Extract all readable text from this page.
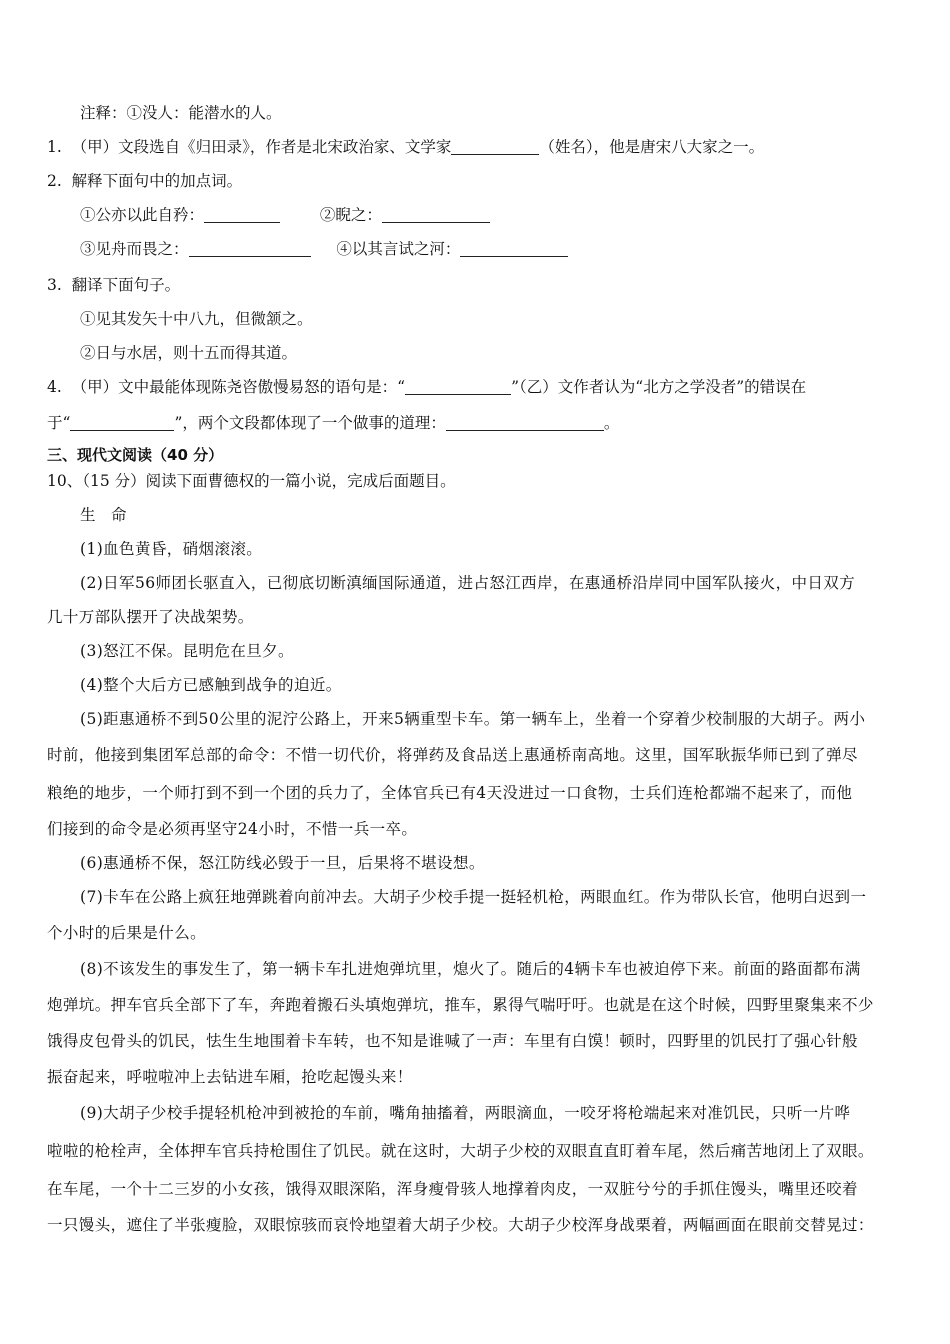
注释：①没人：能潜水的人。
1. （甲）文段选自《归田录》，作者是北宋政治家、文学家	（姓名），他是唐宋八大家之一。
2. 解释下面句中的加点词。
①公亦以此自矜：	②睨之：
③见舟而畏之：	④以其言试之河：
3. 翻译下面句子。
①见其发矢十中八九，但微颔之。
②日与水居，则十五而得其道。
4. （甲）文中最能体现陈尧咨傲慢易怒的语句是：“	”（乙）文作者认为“北方之学没者”的错误在
于“	”，两个文段都体现了一个做事的道理：	。
三、现代文阅读（40 分）
10、（15 分）阅读下面曹德权的一篇小说，完成后面题目。
生　命
(1)血色黄昏，硝烟滚滚。
(2)日军56师团长驱直入，已彻底切断滇缅国际通道，进占怒江西岸，在惠通桥沿岸同中国军队接火，中日双方
几十万部队摆开了决战架势。
(3)怒江不保。昆明危在旦夕。
(4)整个大后方已感触到战争的迫近。
(5)距惠通桥不到50公里的泥泞公路上，开来5辆重型卡车。第一辆车上，坐着一个穿着少校制服的大胡子。两小
时前，他接到集团军总部的命令：不惜一切代价，将弹药及食品送上惠通桥南高地。这里，国军耿振华师已到了弹尽
粮绝的地步，一个师打到不到一个团的兵力了，全体官兵已有4天没进过一口食物，士兵们连枪都端不起来了，而他
们接到的命令是必须再坚守24小时，不惜一兵一卒。
(6)惠通桥不保，怒江防线必毁于一旦，后果将不堪设想。
(7)卡车在公路上疯狂地弹跳着向前冲去。大胡子少校手提一挺轻机枪，两眼血红。作为带队长官，他明白迟到一
个小时的后果是什么。
(8)不该发生的事发生了，第一辆卡车扎进炮弹坑里，熄火了。随后的4辆卡车也被迫停下来。前面的路面都布满
炮弹坑。押车官兵全部下了车，奔跑着搬石头填炮弹坑，推车，累得气喘吁吁。也就是在这个时候，四野里聚集来不少
饿得皮包骨头的饥民，怯生生地围着卡车转，也不知是谁喊了一声：车里有白馍！顿时，四野里的饥民打了强心针般
振奋起来，呼啦啦冲上去钻进车厢，抢吃起馒头来！
(9)大胡子少校手提轻机枪冲到被抢的车前，嘴角抽搐着，两眼滴血，一咬牙将枪端起来对准饥民，只听一片哗
啦啦的枪栓声，全体押车官兵持枪围住了饥民。就在这时，大胡子少校的双眼直直盯着车尾，然后痛苦地闭上了双眼。
在车尾，一个十二三岁的小女孩，饿得双眼深陷，浑身瘦骨骇人地撑着肉皮，一双脏兮兮的手抓住馒头，嘴里还咬着
一只馒头，遮住了半张瘦脸，双眼惊骇而哀怜地望着大胡子少校。大胡子少校浑身战栗着，两幅画面在眼前交替晃过：
